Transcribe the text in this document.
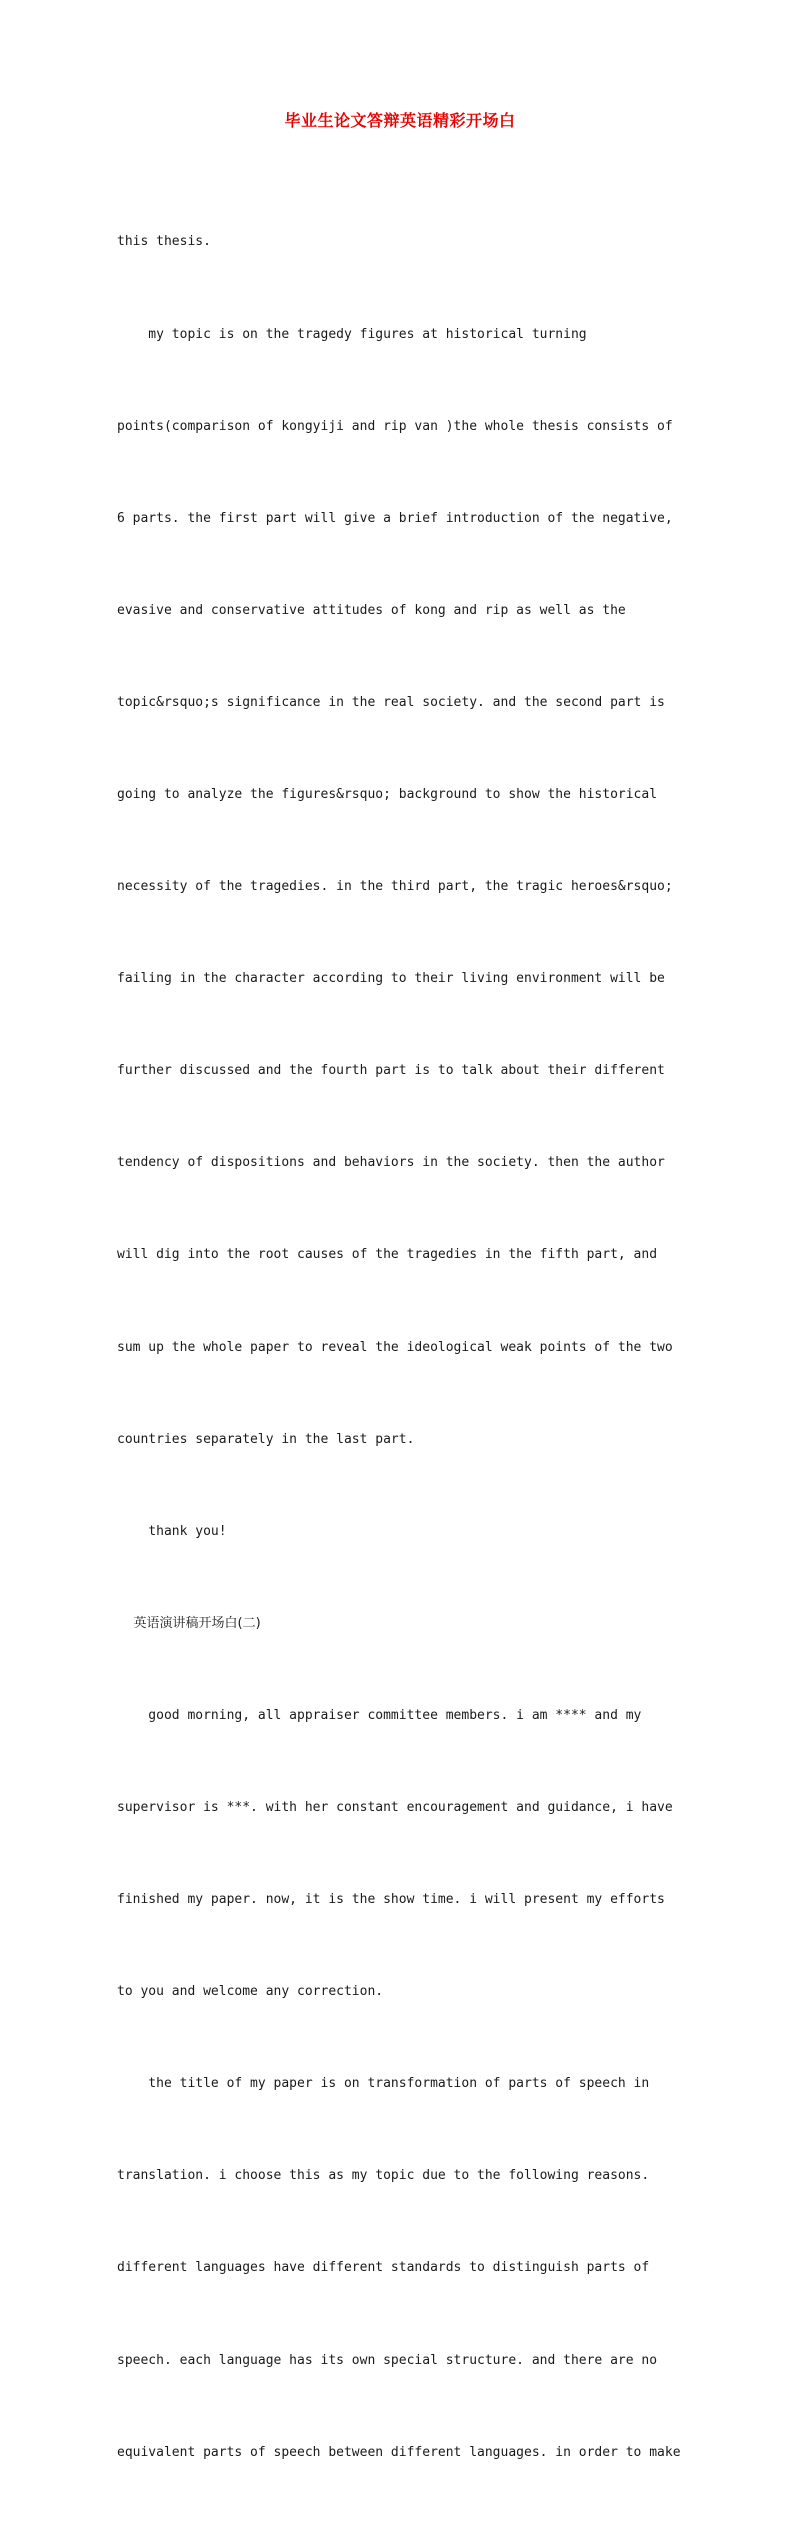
毕业生论文答辩英语精彩开场白

this thesis.

my topic is on the tragedy figures at historical turning

points(comparison of kongyiji and rip van )the whole thesis consists of

6 parts. the first part will give a brief introduction of the negative,

evasive and conservative attitudes of kong and rip as well as the

topic&rsquo;s significance in the real society. and the second part is

going to analyze the figures&rsquo; background to show the historical

necessity of the tragedies. in the third part, the tragic heroes&rsquo;

failing in the character according to their living environment will be

further discussed and the fourth part is to talk about their different

tendency of dispositions and behaviors in the society. then the author

will dig into the root causes of the tragedies in the fifth part, and

sum up the whole paper to reveal the ideological weak points of the two

countries separately in the last part.

thank you!

英语演讲稿开场白(二)

good morning, all appraiser committee members. i am **** and my

supervisor is ***. with her constant encouragement and guidance, i have

finished my paper. now, it is the show time. i will present my efforts

to you and welcome any correction.

the title of my paper is on transformation of parts of speech in

translation. i choose this as my topic due to the following reasons.

different languages have different standards to distinguish parts of

speech. each language has its own special structure. and there are no

equivalent parts of speech between different languages. in order to make
